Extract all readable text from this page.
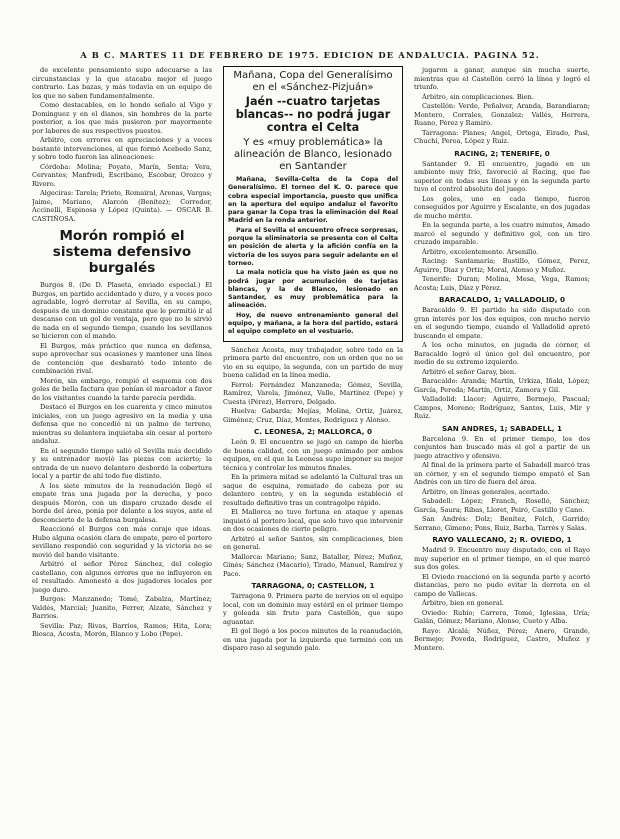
A B C. MARTES 11 DE FEBRERO DE 1975. EDICION DE ANDALUCIA. PAGINA 52.

de excelente pensamiento supo adecuarse a las circunstancias y la que atacaba mejor el juego contrario. Las bazas, y más todavía en un equipo de los que no saben fundamentalmente.

Como destacables, en lo hondo señalo al Vigo y Dominguez y en el dianos, sin hombres de la parte posterior, a los que más pusieron por mayormente por labores de sus respectivos puestos.

Arbitro, con errores en apreciaciones y a veces bastante intervenciones, al que formó Acebedo Sanz, y sobre todo fueron las alineaciones:

Córdoba: Molina; Poyato, Marín, Senta; Vera, Cervantes; Manfredi, Escribano, Escobar, Orozco y Rivero.

Algeciras: Tarela; Prieto, Romairal, Arenas, Vargas; Jaime, Mariano, Alarcón (Benítez); Corredor, Accinelli, Espinosa y López (Quinta). — OSCAR B. CASTIÑOSA.

Morón rompió el sistema defensivo burgalés

Burgos 8. (De D. Plaseta, enviado especial.) El Burgos, en partido accidentado y duro, y a veces poco agradable, logró derrotar al Sevilla, en su campo, después de un dominio constante que le permitió ir al descanso con un gol de ventaja, pero que no le sirvió de nada en el segundo tiempo, cuando los sevillanos se hicieron con el mando.

El Burgos, más práctico que nunca en defensa, supo aprovechar sus ocasiones y mantener una línea de contención que desbarató todo intento de combinación rival.

Morón, sin embargo, rompió el esquema con dos goles de bella factura que ponían el marcador a favor de los visitantes cuando la tarde parecía perdida.

Destacó el Burgos en los cuarenta y cinco minutos iniciales, con un juego agresivo en la media y una defensa que no concedió ni un palmo de terreno, mientras su delantera inquietaba sin cesar al portero andaluz.

En el segundo tiempo salió el Sevilla más decidido y su entrenador movió las piezas con acierto; la entrada de un nuevo delantero desbordó la cobertura local y a partir de ahí todo fue distinto.

A los siete minutos de la reanudación llegó el empate tras una jugada por la derecha, y poco después Morón, con un disparo cruzado desde el borde del área, ponía por delante a los suyos, ante el desconcierto de la defensa burgalesa.

Reaccionó el Burgos con más coraje que ideas. Hubo alguna ocasión clara de empate, pero el portero sevillano respondió con seguridad y la victoria no se movió del bando visitante.

Arbitró el señor Pérez Sánchez, del colegio castellano, con algunos errores que no influyeron en el resultado. Amonestó a dos jugadores locales por juego duro.

Burgos: Manzanedo; Tomé, Zabalza, Martínez; Valdés, Marcial; Juanito, Ferrer, Alzate, Sánchez y Barrios.

Sevilla: Paz; Rivas, Barrios, Ramos; Hita, Lora; Biosca, Acosta, Morón, Blanco y Lobo (Pepe).

Mañana, Copa del Generalísimo en el «Sánchez-Pizjuán»
Jaén --cuatro tarjetas blancas-- no podrá jugar contra el Celta
Y es «muy problemática» la alineación de Blanco, lesionado en Santander

Mañana, Sevilla-Celta de la Copa del Generalísimo. El torneo del K. O. parece que cobra especial importancia, puesto que unifica en la apertura del equipo andaluz el favorito para ganar la Copa tras la eliminación del Real Madrid en la ronda anterior.

Para el Sevilla el encuentro ofrece sorpresas, porque la eliminatoria se presenta con el Celta en posición de alerta y la afición confía en la victoria de los suyos para seguir adelante en el torneo.

La mala noticia que ha visto Jaén es que no podrá jugar por acumulación de tarjetas blancas, y la de Blanco, lesionado en Santander, es muy problemática para la alineación.

Hoy, de nuevo entrenamiento general del equipo, y mañana, a la hora del partido, estará el equipo completo en el vestuario.

Sánchez Acosta, muy trabajador, sobre todo en la primera parte del encuentro, con un orden que no se vio en su equipo, la segunda, con un partido de muy buena calidad en la línea media.

Ferrol: Fernández Manzaneda; Gómez, Sevilla, Ramírez, Varela, Jiménez, Valle, Martinez (Pepe) y Cuesta (Pérez), Herrero, Delgado.

Huelva: Gabarda; Mejías, Molina, Ortiz, Juárez, Giménez; Cruz, Díaz, Montes, Rodríguez y Alonso.

C. LEONESA, 2; MALLORCA, 0

León 9. El encuentro se jugó en campo de hierba de buena calidad, con un juego animado por ambos equipos, en el que la Leonesa supo imponer su mejor técnica y controlar los minutos finales.

En la primera mitad se adelantó la Cultural tras un saque de esquina, rematado de cabeza por su delantero centro, y en la segunda estableció el resultado definitivo tras un contragolpe rápido.

El Mallorca no tuvo fortuna en ataque y apenas inquietó al portero local, que solo tuvo que intervenir en dos ocasiones de cierto peligro.

Arbitró el señor Santos, sin complicaciones, bien en general.

Mallorca: Mariano; Sanz, Bataller, Pérez; Muñoz, Ginés; Sánchez (Macario), Tirado, Manuel, Ramírez y Paco.

TARRAGONA, 0; CASTELLON, 1

Tarragona 9. Primera parte de nervios en el equipo local, con un dominio muy estéril en el primer tiempo y goleada sin fruto para Castellón, que supo aguantar.

El gol llegó a los pocos minutos de la reanudación, en una jugada por la izquierda que terminó con un disparo raso al segundo palo.

jugaron a ganar, aunque sin mucha suerte, mientras que el Castellón cerró la línea y logró el triunfo.

Árbitro, sin complicaciones. Bien.

Castellón: Verde, Peñalver, Aranda, Barandiaran; Montero, Corrales, Gonzalez; Vallés, Herrera, Ruano, Pérez y Ramiro.

Tarragona: Planes; Angel, Ortega, Eirado, Pasi, Chuchí, Perea, López y Ruiz.

RACING, 2; TENERIFE, 0

Santander 9. El encuentro, jugado en un ambiente muy frío, favoreció al Racing, que fue superior en todas sus líneas y en la segunda parte tuvo el control absoluto del juego.

Los goles, uno en cada tiempo, fueron conseguidos por Aguirre y Escalante, en dos jugadas de mucho mérito.

En la segunda parte, a los cuatro minutos, Amado marcó el segundo y definitivo gol, con un tiro cruzado imparable.

Árbitro, excelentemente. Arsenillo.

Racing: Santamaría; Bustillo, Gómez, Perez, Aguirre, Diaz y Ortiz; Moral, Alonso y Muñoz.

Tenerife: Duran; Molina, Mesa, Vega, Ramos; Acosta; Luis, Díaz y Pérez.

BARACALDO, 1; VALLADOLID, 0

Baracaldo 9. El partido ha sido disputado con gran interés por los dos equipos, con mucho nervio en el segundo tiempo, cuando el Valladolid apretó buscando el empate.

A los ocho minutos, en jugada de córner, el Baracaldo logró el único gol del encuentro, por medio de su extremo izquierdo.

Arbitró el señor Garay, bien.

Baracaldo: Aranda; Martín, Urkiza, Iñaki, López; García, Pereda; Martín, Ortiz, Zamora y Gil.

Valladolid: Llacer; Aguirre, Bermejo, Pascual; Campos, Moreno; Rodríguez, Santos, Luis, Mir y Ruiz.

SAN ANDRES, 1; SABADELL, 1

Barcelona 9. En el primer tiempo, los dos conjuntos han buscado más el gol a partir de un juego atractivo y ofensivo.

Al final de la primera parte el Sabadell marcó tras un córner, y en el segundo tiempo empató el San Andrés con un tiro de fuera del área.

Árbitro, en líneas generales, acertado.

Sabadell: López; Franch, Roselló, Sánchez; García, Saura; Ribas, Lloret, Peiró, Castillo y Cano.

San Andrés: Dolz; Benítez, Folch, Garrido; Serrano, Gimeno; Pons, Ruiz, Barba, Tarrés y Salas.

RAYO VALLECANO, 2; R. OVIEDO, 1

Madrid 9. Encuentro muy disputado, con el Rayo muy superior en el primer tiempo, en el que marcó sus dos goles.

El Oviedo reaccionó en la segunda parte y acortó distancias, pero no pudo evitar la derrota en el campo de Vallecas.

Árbitro, bien en general.

Oviedo: Rubio; Carrera, Tomé, Iglesias, Uría; Galán, Gómez; Mariano, Alonso, Cueto y Alba.

Rayo: Alcalá; Núñez, Pérez; Anero, Grande, Bermejo; Poveda, Rodríguez, Castro, Muñoz y Montero.
